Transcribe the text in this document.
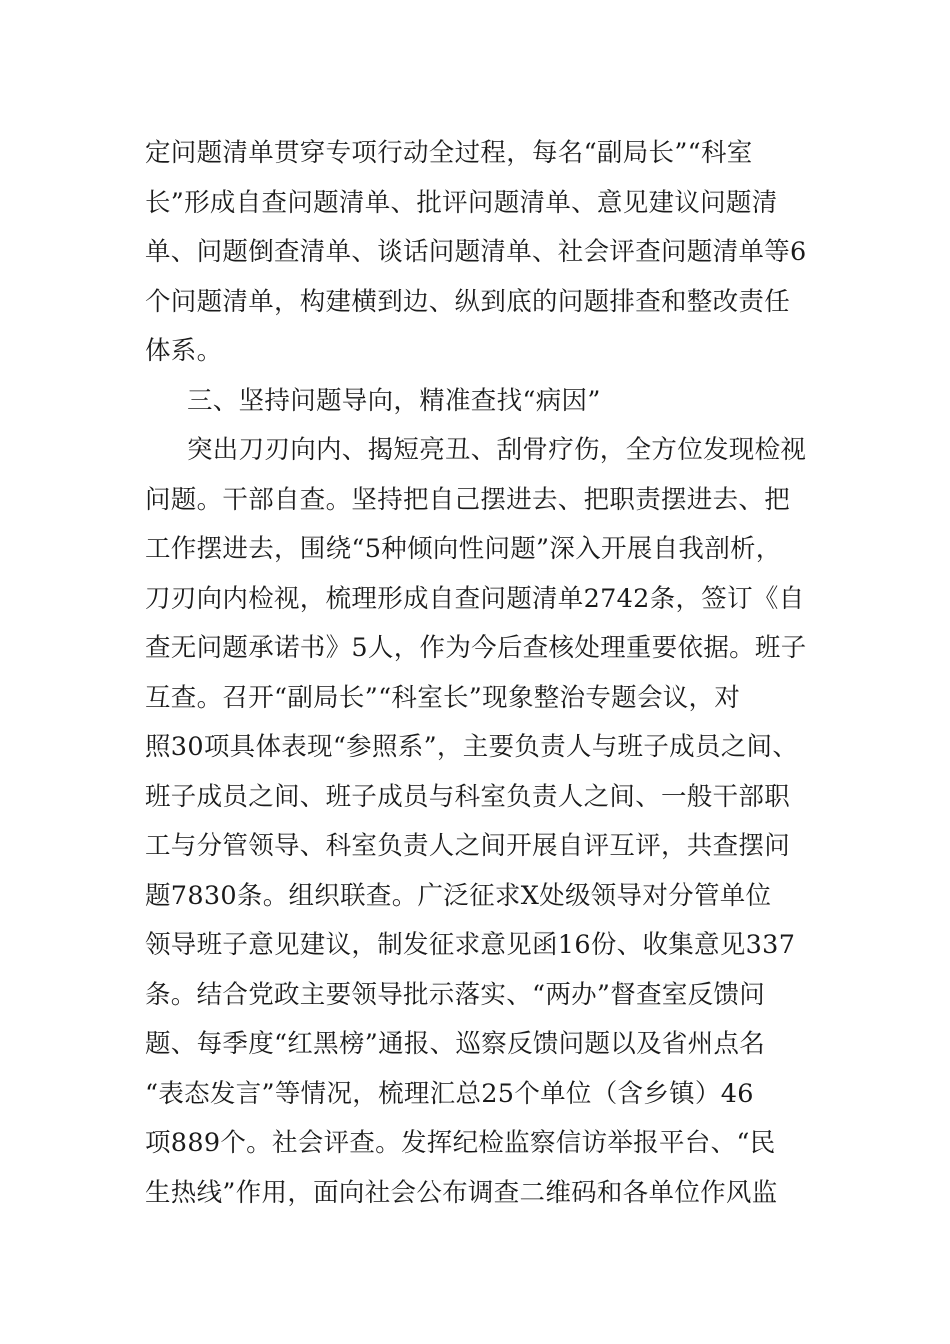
定问题清单贯穿专项行动全过程，每名“副局长”“科室
长”形成自查问题清单、批评问题清单、意见建议问题清
单、问题倒查清单、谈话问题清单、社会评查问题清单等6
个问题清单，构建横到边、纵到底的问题排查和整改责任
体系。
三、坚持问题导向，精准查找“病因”
突出刀刃向内、揭短亮丑、刮骨疗伤，全方位发现检视
问题。干部自查。坚持把自己摆进去、把职责摆进去、把
工作摆进去，围绕“5种倾向性问题”深入开展自我剖析，
刀刃向内检视，梳理形成自查问题清单2742条，签订《自
查无问题承诺书》5人，作为今后查核处理重要依据。班子
互查。召开“副局长”“科室长”现象整治专题会议，对
照30项具体表现“参照系”，主要负责人与班子成员之间、
班子成员之间、班子成员与科室负责人之间、一般干部职
工与分管领导、科室负责人之间开展自评互评，共查摆问
题7830条。组织联查。广泛征求X处级领导对分管单位
领导班子意见建议，制发征求意见函16份、收集意见337
条。结合党政主要领导批示落实、“两办”督查室反馈问
题、每季度“红黑榜”通报、巡察反馈问题以及省州点名
“表态发言”等情况，梳理汇总25个单位（含乡镇）46
项889个。社会评查。发挥纪检监察信访举报平台、“民
生热线”作用，面向社会公布调查二维码和各单位作风监
